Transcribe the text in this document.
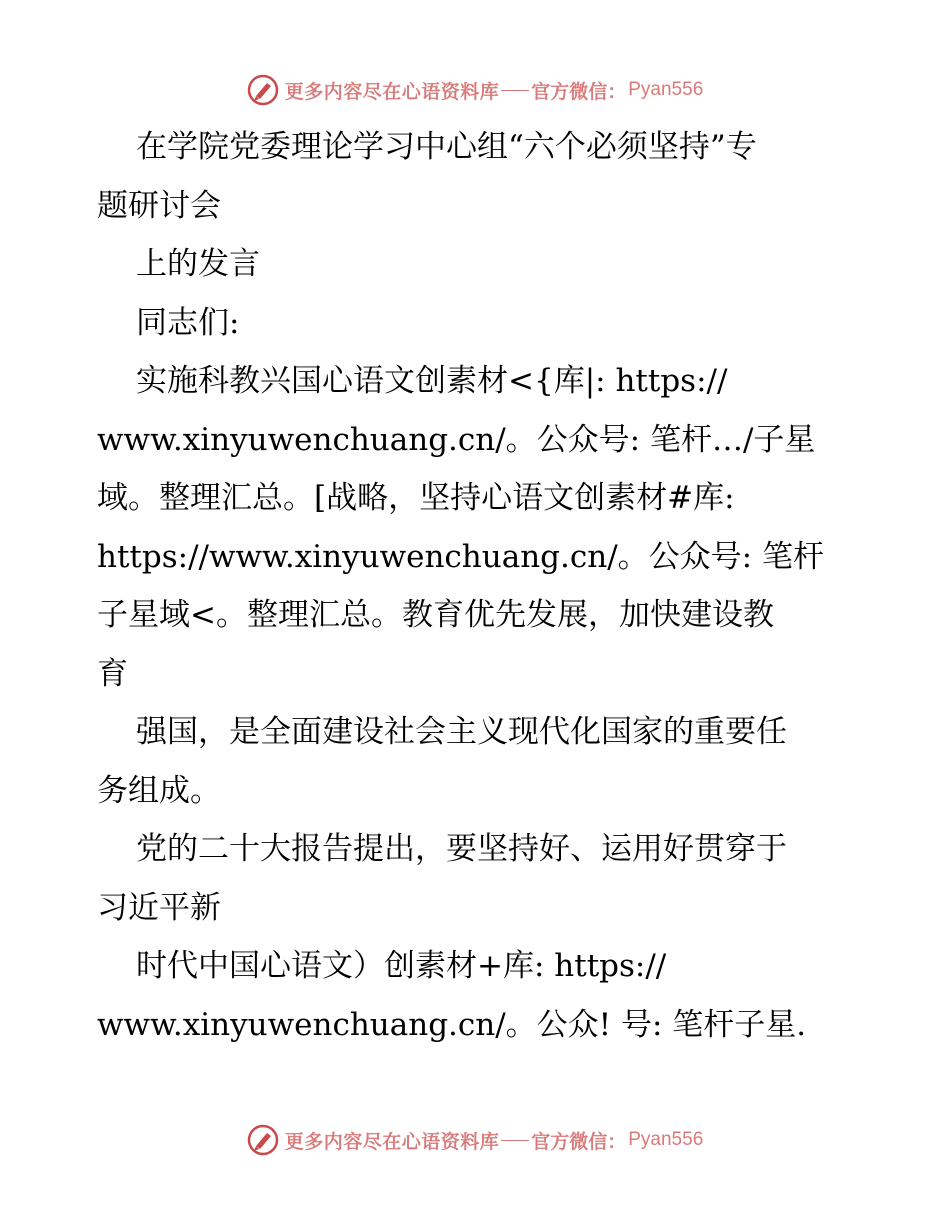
更多内容尽在心语资料库 官方微信： Pyan556
在学院党委理论学习中心组“六个必须坚持”专
题研讨会
上的发言
同志们:
实施科教兴国心语文创素材<{库|: https://
www.xinyuwenchuang.cn/。公众号: 笔杆…/子星
域。整理汇总。[战略，坚持心语文创素材#库:
https://www.xinyuwenchuang.cn/。公众号: 笔杆
子星域<。整理汇总。教育优先发展，加快建设教
育
强国，是全面建设社会主义现代化国家的重要任
务组成。
党的二十大报告提出，要坚持好、运用好贯穿于
习近平新
时代中国心语文）创素材+库: https://
www.xinyuwenchuang.cn/。公众! 号: 笔杆子星.
更多内容尽在心语资料库 官方微信： Pyan556
